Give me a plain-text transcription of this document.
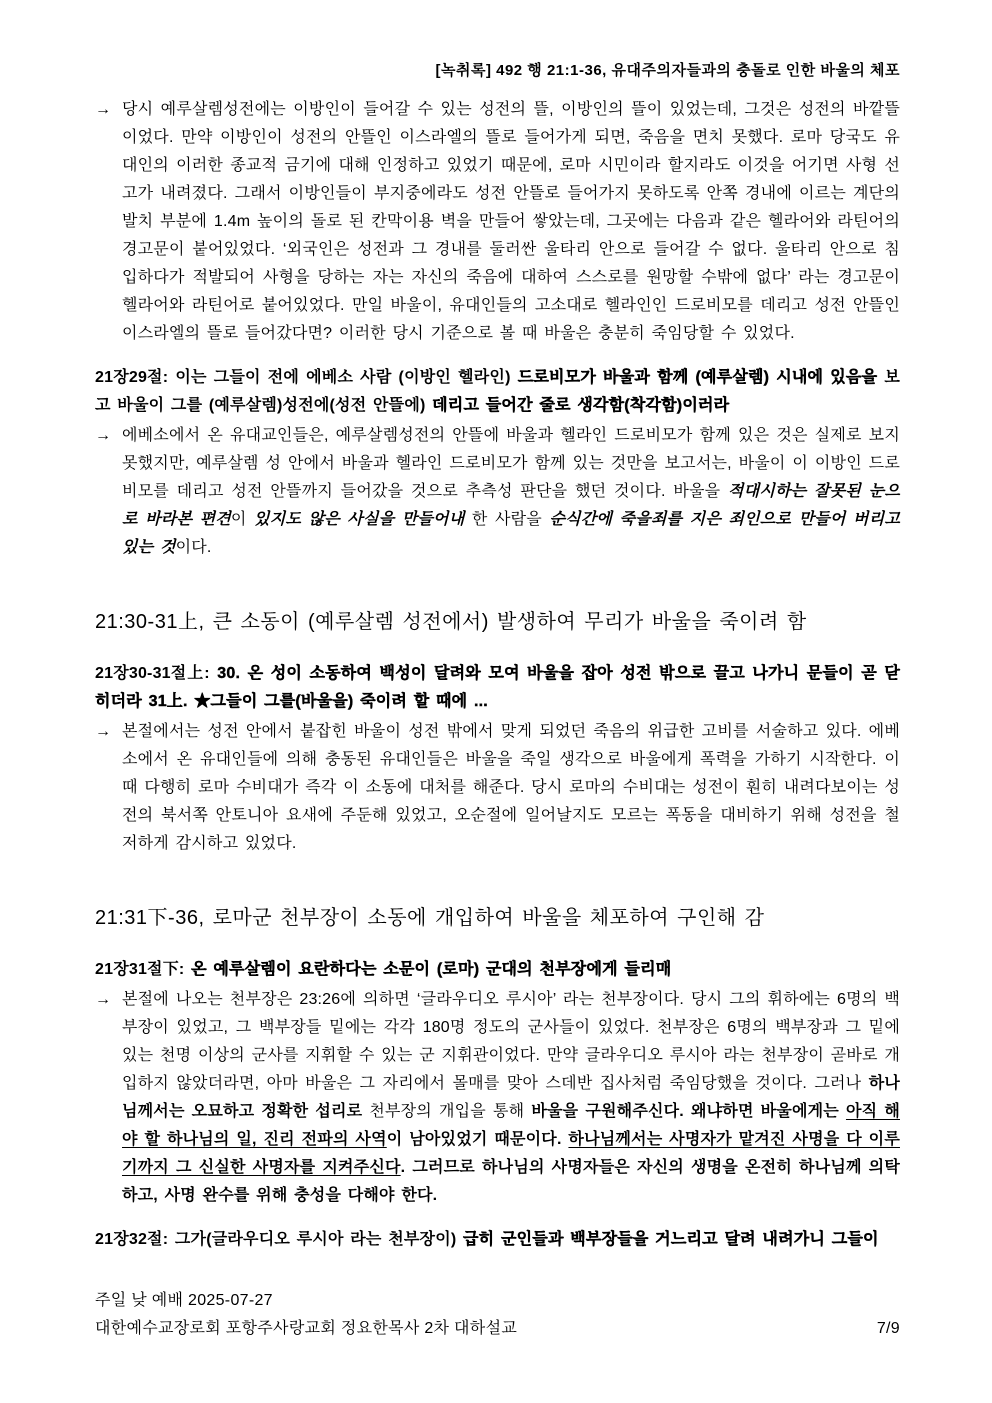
[녹취록] 492 행 21:1-36, 유대주의자들과의 충돌로 인한 바울의 체포
→ 당시 예루살렘성전에는 이방인이 들어갈 수 있는 성전의 뜰, 이방인의 뜰이 있었는데, 그것은 성전의 바깥뜰이었다. 만약 이방인이 성전의 안뜰인 이스라엘의 뜰로 들어가게 되면, 죽음을 면치 못했다. 로마 당국도 유대인의 이러한 종교적 금기에 대해 인정하고 있었기 때문에, 로마 시민이라 할지라도 이것을 어기면 사형 선고가 내려졌다. 그래서 이방인들이 부지중에라도 성전 안뜰로 들어가지 못하도록 안쪽 경내에 이르는 계단의 발치 부분에 1.4m 높이의 돌로 된 칸막이용 벽을 만들어 쌓았는데, 그곳에는 다음과 같은 헬라어와 라틴어의 경고문이 붙어있었다. ‘외국인은 성전과 그 경내를 둘러싼 울타리 안으로 들어갈 수 없다. 울타리 안으로 침입하다가 적발되어 사형을 당하는 자는 자신의 죽음에 대하여 스스로를 원망할 수밖에 없다’ 라는 경고문이 헬라어와 라틴어로 붙어있었다. 만일 바울이, 유대인들의 고소대로 헬라인인 드로비모를 데리고 성전 안뜰인 이스라엘의 뜰로 들어갔다면? 이러한 당시 기준으로 볼 때 바울은 충분히 죽임당할 수 있었다.
21장29절: 이는 그들이 전에 에베소 사람 (이방인 헬라인) 드로비모가 바울과 함께 (예루살렘) 시내에 있음을 보고 바울이 그를 (예루살렘)성전에(성전 안뜰에) 데리고 들어간 줄로 생각함(착각함)이러라
→ 에베소에서 온 유대교인들은, 예루살렘성전의 안뜰에 바울과 헬라인 드로비모가 함께 있은 것은 실제로 보지 못했지만, 예루살렘 성 안에서 바울과 헬라인 드로비모가 함께 있는 것만을 보고서는, 바울이 이 이방인 드로비모를 데리고 성전 안뜰까지 들어갔을 것으로 추측성 판단을 했던 것이다. 바울을 적대시하는 잘못된 눈으로 바라본 편견이 있지도 않은 사실을 만들어내 한 사람을 순식간에 죽을죄를 지은 죄인으로 만들어 버리고 있는 것이다.
21:30-31上, 큰 소동이 (예루살렘 성전에서) 발생하여 무리가 바울을 죽이려 함
21장30-31절上: 30. 온 성이 소동하여 백성이 달려와 모여 바울을 잡아 성전 밖으로 끌고 나가니 문들이 곧 닫히더라 31上. ★그들이 그를(바울을) 죽이려 할 때에 ...
→ 본절에서는 성전 안에서 붙잡힌 바울이 성전 밖에서 맞게 되었던 죽음의 위급한 고비를 서술하고 있다. 에베소에서 온 유대인들에 의해 충동된 유대인들은 바울을 죽일 생각으로 바울에게 폭력을 가하기 시작한다. 이때 다행히 로마 수비대가 즉각 이 소동에 대처를 해준다. 당시 로마의 수비대는 성전이 훤히 내려다보이는 성전의 북서쪽 안토니아 요새에 주둔해 있었고, 오순절에 일어날지도 모르는 폭동을 대비하기 위해 성전을 철저하게 감시하고 있었다.
21:31下-36, 로마군 천부장이 소동에 개입하여 바울을 체포하여 구인해 감
21장31절下: 온 예루살렘이 요란하다는 소문이 (로마) 군대의 천부장에게 들리매
→ 본절에 나오는 천부장은 23:26에 의하면 ‘글라우디오 루시아’ 라는 천부장이다. 당시 그의 휘하에는 6명의 백부장이 있었고, 그 백부장들 밑에는 각각 180명 정도의 군사들이 있었다. 천부장은 6명의 백부장과 그 밑에 있는 천명 이상의 군사를 지휘할 수 있는 군 지휘관이었다. 만약 글라우디오 루시아 라는 천부장이 곧바로 개입하지 않았더라면, 아마 바울은 그 자리에서 몰매를 맞아 스데반 집사처럼 죽임당했을 것이다. 그러나 하나님께서는 오묘하고 정확한 섭리로 천부장의 개입을 통해 바울을 구원해주신다. 왜냐하면 바울에게는 아직 해야 할 하나님의 일, 진리 전파의 사역이 남아있었기 때문이다. 하나님께서는 사명자가 맡겨진 사명을 다 이루기까지 그 신실한 사명자를 지켜주신다. 그러므로 하나님의 사명자들은 자신의 생명을 온전히 하나님께 의탁하고, 사명 완수를 위해 충성을 다해야 한다.
21장32절: 그가(글라우디오 루시아 라는 천부장이) 급히 군인들과 백부장들을 거느리고 달려 내려가니 그들이
주일 낮 예배 2025-07-27
대한예수교장로회 포항주사랑교회 정요한목사 2차 대하설교	7/9
